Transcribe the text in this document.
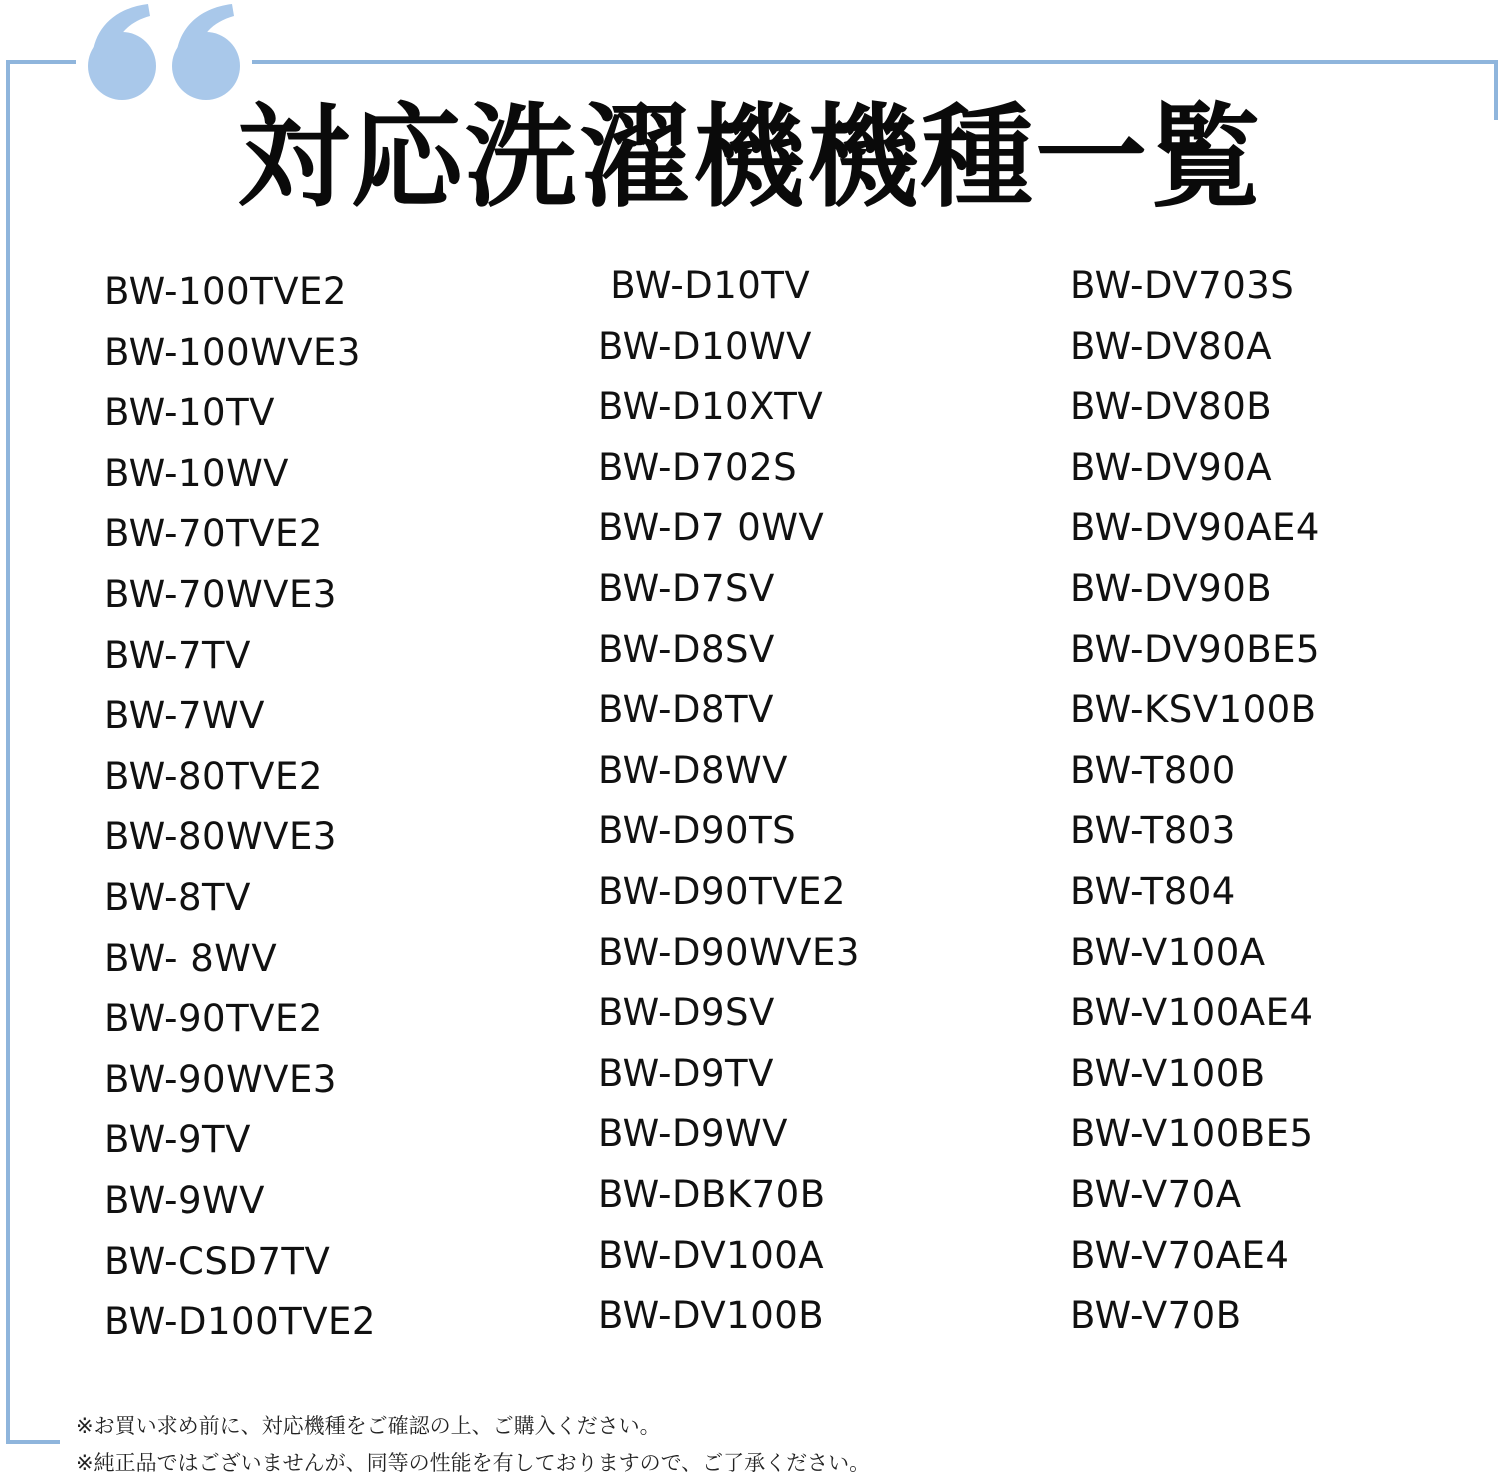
対応洗濯機機種一覧
BW-100TVE2
BW-100WVE3
BW-10TV
BW-10WV
BW-70TVE2
BW-70WVE3
BW-7TV
BW-7WV
BW-80TVE2
BW-80WVE3
BW-8TV
BW- 8WV
BW-90TVE2
BW-90WVE3
BW-9TV
BW-9WV
BW-CSD7TV
BW-D100TVE2
BW-D10TV
BW-D10WV
BW-D10XTV
BW-D702S
BW-D7 0WV
BW-D7SV
BW-D8SV
BW-D8TV
BW-D8WV
BW-D90TS
BW-D90TVE2
BW-D90WVE3
BW-D9SV
BW-D9TV
BW-D9WV
BW-DBK70B
BW-DV100A
BW-DV100B
BW-DV703S
BW-DV80A
BW-DV80B
BW-DV90A
BW-DV90AE4
BW-DV90B
BW-DV90BE5
BW-KSV100B
BW-T800
BW-T803
BW-T804
BW-V100A
BW-V100AE4
BW-V100B
BW-V100BE5
BW-V70A
BW-V70AE4
BW-V70B
※お買い求め前に、対応機種をご確認の上、ご購入ください。
※純正品ではございませんが、同等の性能を有しておりますので、ご了承ください。
